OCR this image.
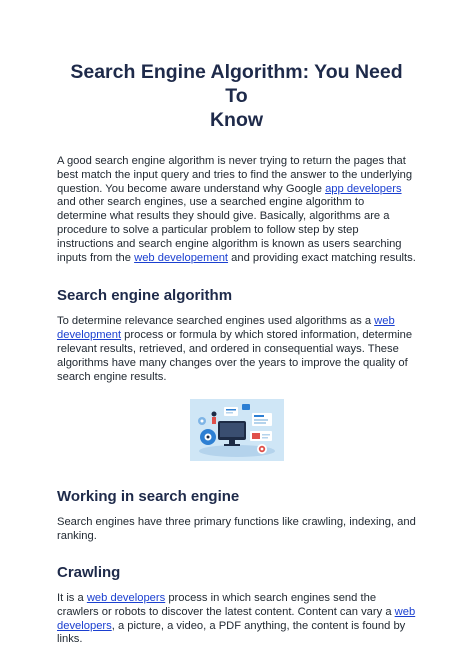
Search Engine Algorithm: You Need To
Know

A good search engine algorithm is never trying to return the pages that best match the input query and tries to find the answer to the underlying question. You become aware understand why Google app developers and other search engines, use a searched engine algorithm to determine what results they should give. Basically, algorithms are a procedure to solve a particular problem to follow step by step instructions and search engine algorithm is known as users searching inputs from the web developement and providing exact matching results.

Search engine algorithm

To determine relevance searched engines used algorithms as a web development process or formula by which stored information, determine relevant results, retrieved, and ordered in consequential ways. These algorithms have many changes over the years to improve the quality of search engine results.

Working in search engine

Search engines have three primary functions like crawling, indexing, and ranking.

Crawling

It is a web developers process in which search engines send the crawlers or robots to discover the latest content. Content can vary a web developers, a picture, a video, a PDF anything, the content is found by links.
